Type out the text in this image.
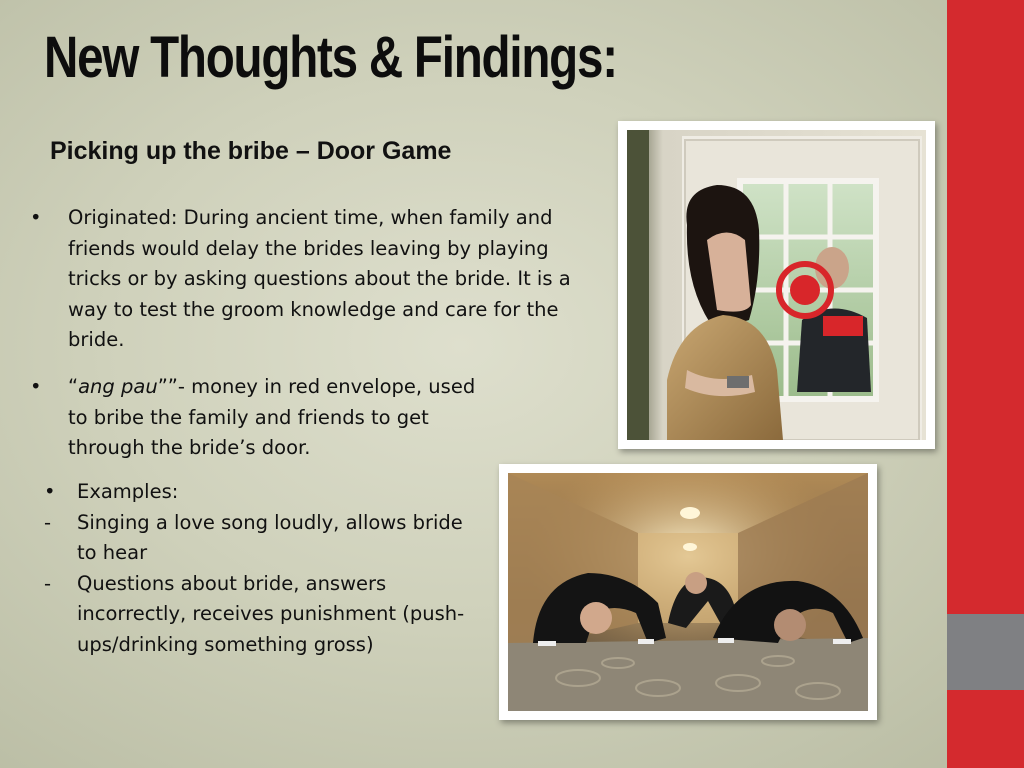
New Thoughts & Findings:
Picking up the bribe – Door Game
• Originated: During ancient time, when family and friends would delay the brides leaving by playing tricks or by asking questions about the bride. It is a way to test the groom knowledge and care for the bride.
• “ang pau””- money in red envelope, used to bribe the family and friends to get through the bride’s door.
• Examples:
- Singing a love song loudly, allows bride to hear
- Questions about bride, answers incorrectly, receives punishment (push-ups/drinking something gross)
